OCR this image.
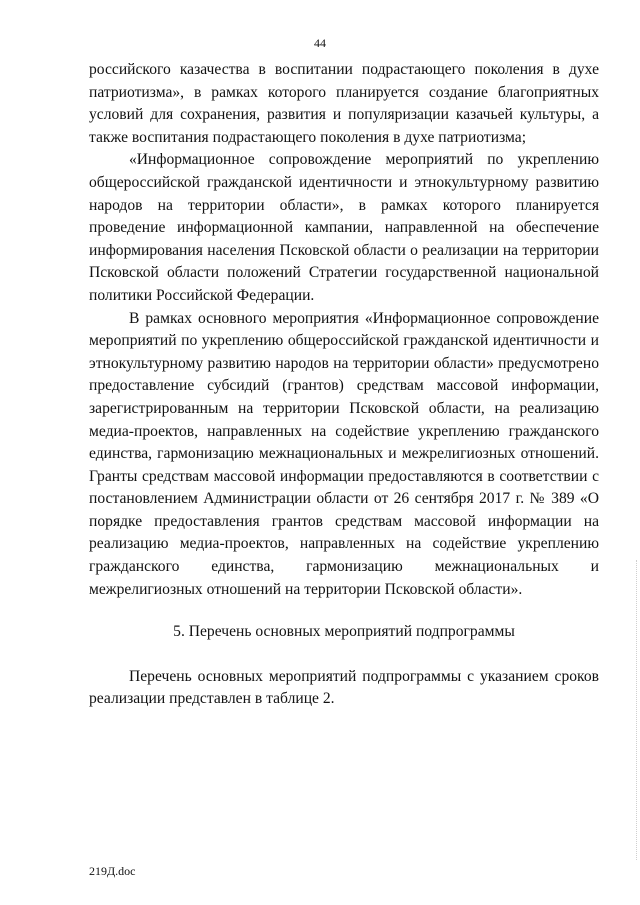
44

российского казачества в воспитании подрастающего поколения в духе патриотизма», в рамках которого планируется создание благоприятных условий для сохранения, развития и популяризации казачьей культуры, а также воспитания подрастающего поколения в духе патриотизма;

«Информационное сопровождение мероприятий по укреплению общероссийской гражданской идентичности и этнокультурному развитию народов на территории области», в рамках которого планируется проведение информационной кампании, направленной на обеспечение информирования населения Псковской области о реализации на территории Псковской области положений Стратегии государственной национальной политики Российской Федерации.

В рамках основного мероприятия «Информационное сопровождение мероприятий по укреплению общероссийской гражданской идентичности и этнокультурному развитию народов на территории области» предусмотрено предоставление субсидий (грантов) средствам массовой информации, зарегистрированным на территории Псковской области, на реализацию медиа-проектов, направленных на содействие укреплению гражданского единства, гармонизацию межнациональных и межрелигиозных отношений. Гранты средствам массовой информации предоставляются в соответствии с постановлением Администрации области от 26 сентября 2017 г. № 389 «О порядке предоставления грантов средствам массовой информации на реализацию медиа-проектов, направленных на содействие укреплению гражданского единства, гармонизацию межнациональных и межрелигиозных отношений на территории Псковской области».

5. Перечень основных мероприятий подпрограммы

Перечень основных мероприятий подпрограммы с указанием сроков реализации представлен в таблице 2.

219Д.doc
